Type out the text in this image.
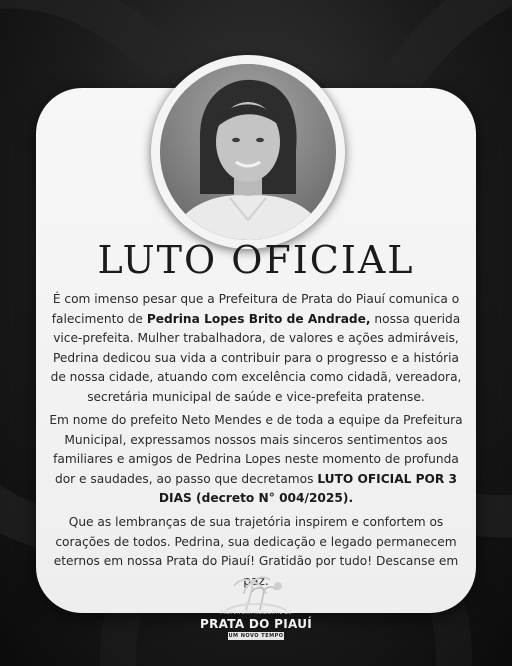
LUTO OFICIAL
É com imenso pesar que a Prefeitura de Prata do Piauí comunica o falecimento de Pedrina Lopes Brito de Andrade, nossa querida vice-prefeita. Mulher trabalhadora, de valores e ações admiráveis, Pedrina dedicou sua vida a contribuir para o progresso e a história de nossa cidade, atuando com excelência como cidadã, vereadora, secretária municipal de saúde e vice-prefeita pratense.
Em nome do prefeito Neto Mendes e de toda a equipe da Prefeitura Municipal, expressamos nossos mais sinceros sentimentos aos familiares e amigos de Pedrina Lopes neste momento de profunda dor e saudades, ao passo que decretamos LUTO OFICIAL POR 3 DIAS (decreto N° 004/2025).
Que as lembranças de sua trajetória inspirem e confortem os corações de todos. Pedrina, sua dedicação e legado permanecem eternos em nossa Prata do Piauí! Gratidão por tudo! Descanse em paz.
PREFEITURA MUNICIPAL DE
PRATA DO PIAUÍ
UM NOVO TEMPO
